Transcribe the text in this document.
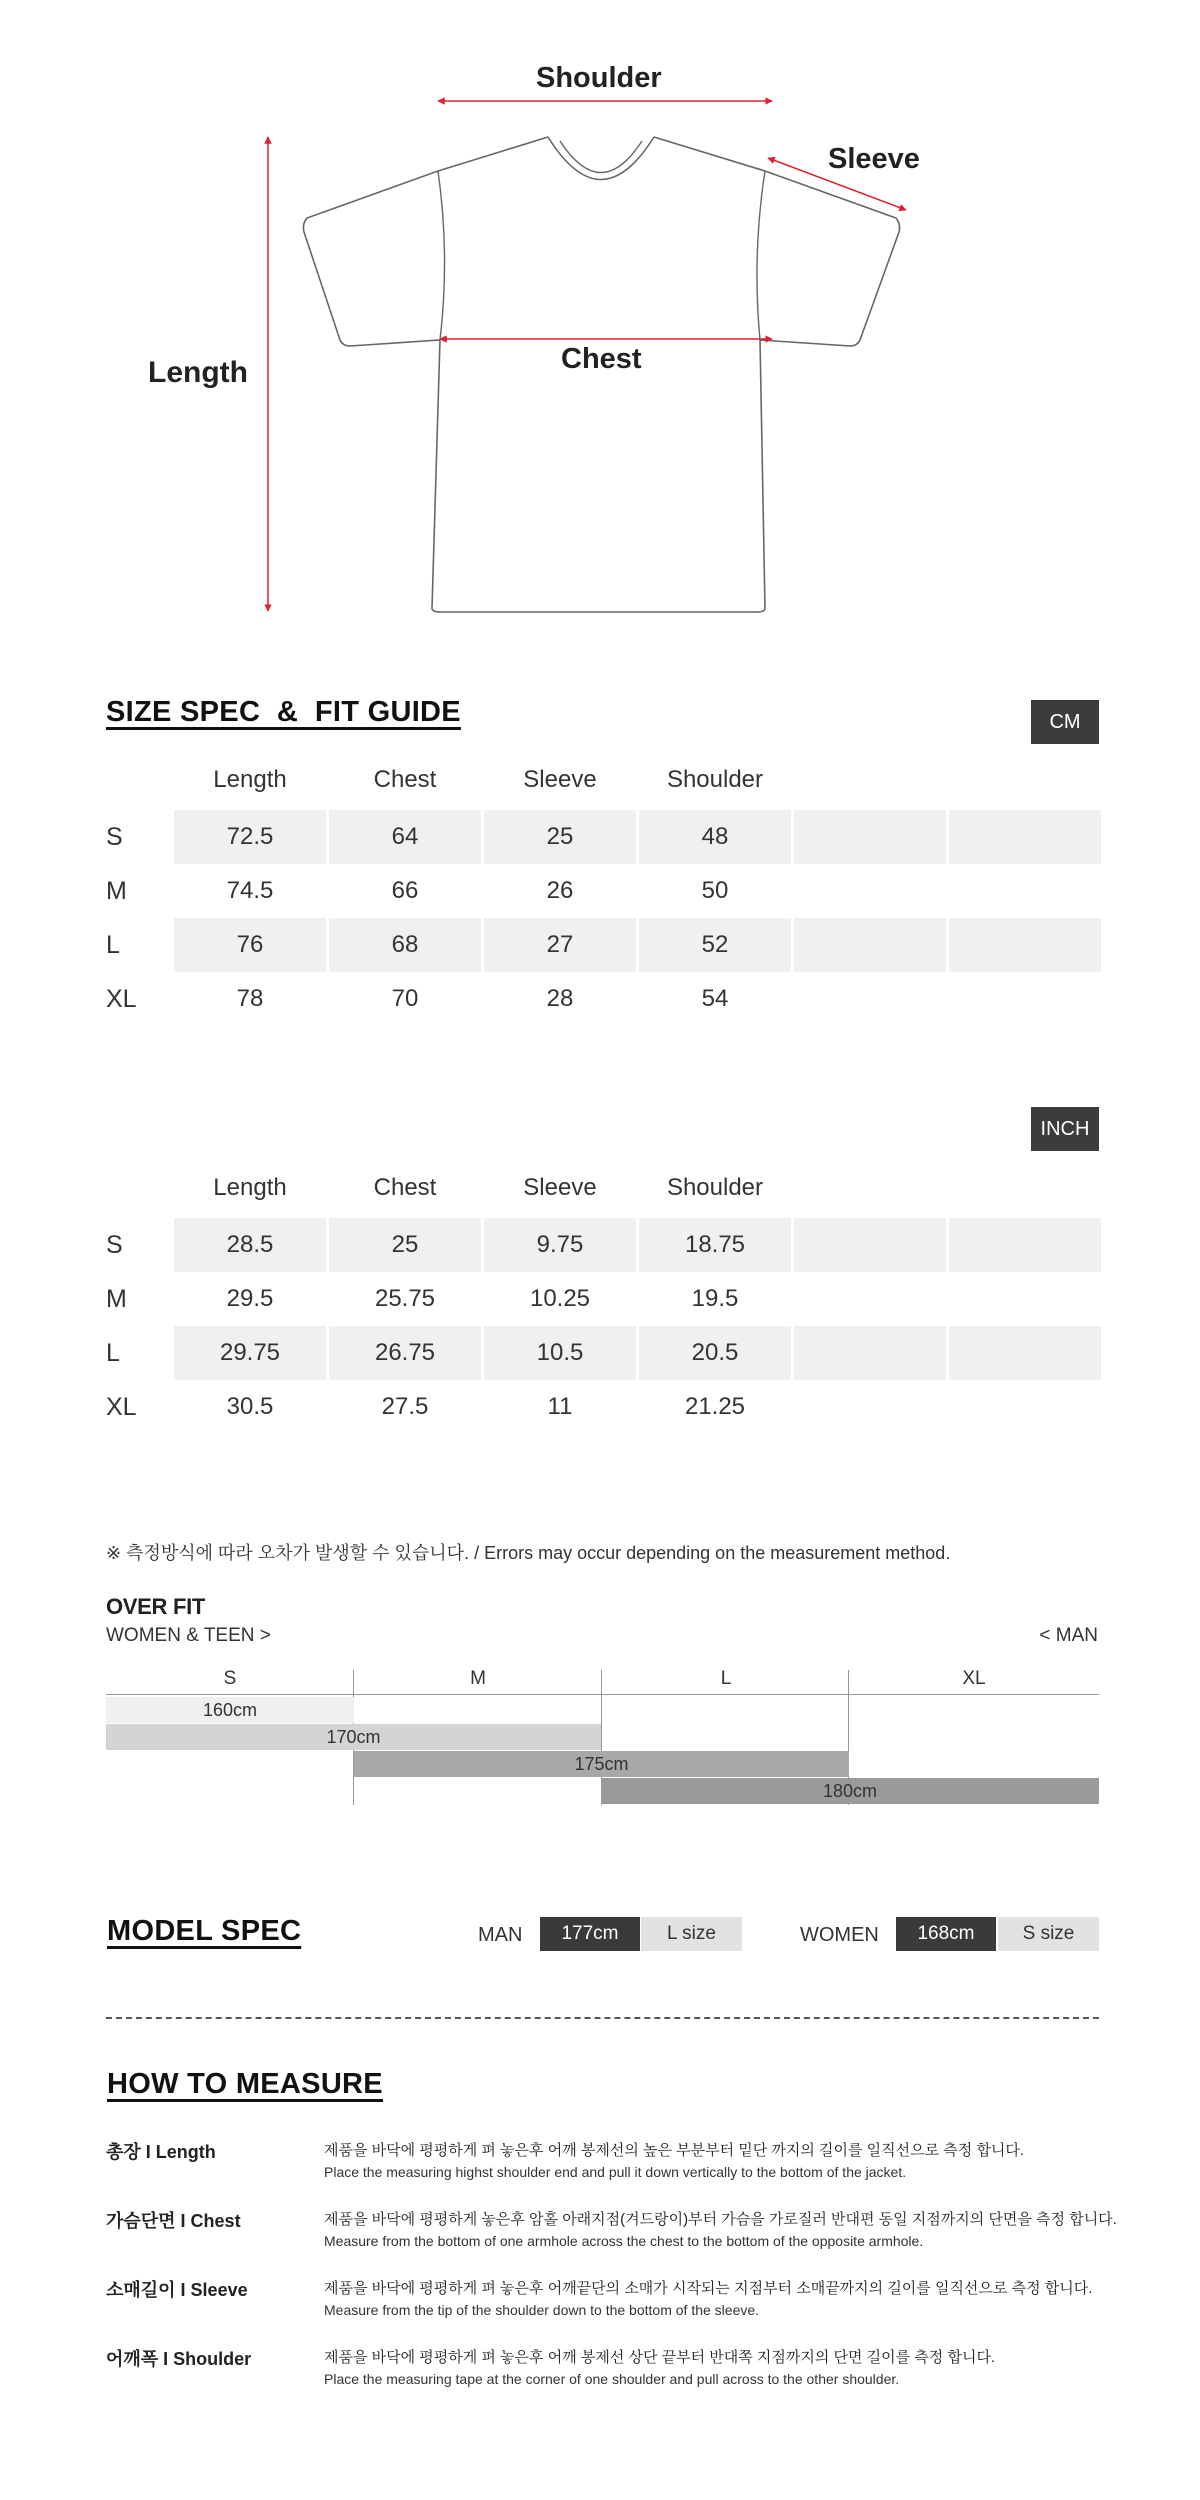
Shoulder
Sleeve
Chest
Length
SIZE SPEC  &  FIT GUIDE	CM
Length	Chest	Sleeve	Shoulder
S	72.5	64	25	48
M	74.5	66	26	50
L	76	68	27	52
XL	78	70	28	54
INCH
Length	Chest	Sleeve	Shoulder
S	28.5	25	9.75	18.75
M	29.5	25.75	10.25	19.5
L	29.75	26.75	10.5	20.5
XL	30.5	27.5	11	21.25
※ 측정방식에 따라 오차가 발생할 수 있습니다. / Errors may occur depending on the measurement method.
OVER FIT
WOMEN & TEEN >	< MAN
S	M	L	XL
160cm
170cm
175cm
180cm
MODEL SPEC	MAN	177cm	L size	WOMEN	168cm	S size
HOW TO MEASURE
총장 I Length	제품을 바닥에 평평하게 펴 놓은후 어깨 봉제선의 높은 부분부터 밑단 까지의 길이를 일직선으로 측정 합니다.
Place the measuring highst shoulder end and pull it down vertically to the bottom of the jacket.
가슴단면 I Chest	제품을 바닥에 평평하게 놓은후 암홀 아래지점(겨드랑이)부터 가슴을 가로질러 반대편 동일 지점까지의 단면을 측정 합니다.
Measure from the bottom of one armhole across the chest to the bottom of the opposite armhole.
소매길이 I Sleeve	제품을 바닥에 평평하게 펴 놓은후 어깨끝단의 소매가 시작되는 지점부터 소매끝까지의 길이를 일직선으로 측정 합니다.
Measure from the tip of the shoulder down to the bottom of the sleeve.
어깨폭 I Shoulder	제품을 바닥에 평평하게 펴 놓은후 어깨 봉제선 상단 끝부터 반대쪽 지점까지의 단면 길이를 측정 합니다.
Place the measuring tape at the corner of one shoulder and pull across to the other shoulder.
